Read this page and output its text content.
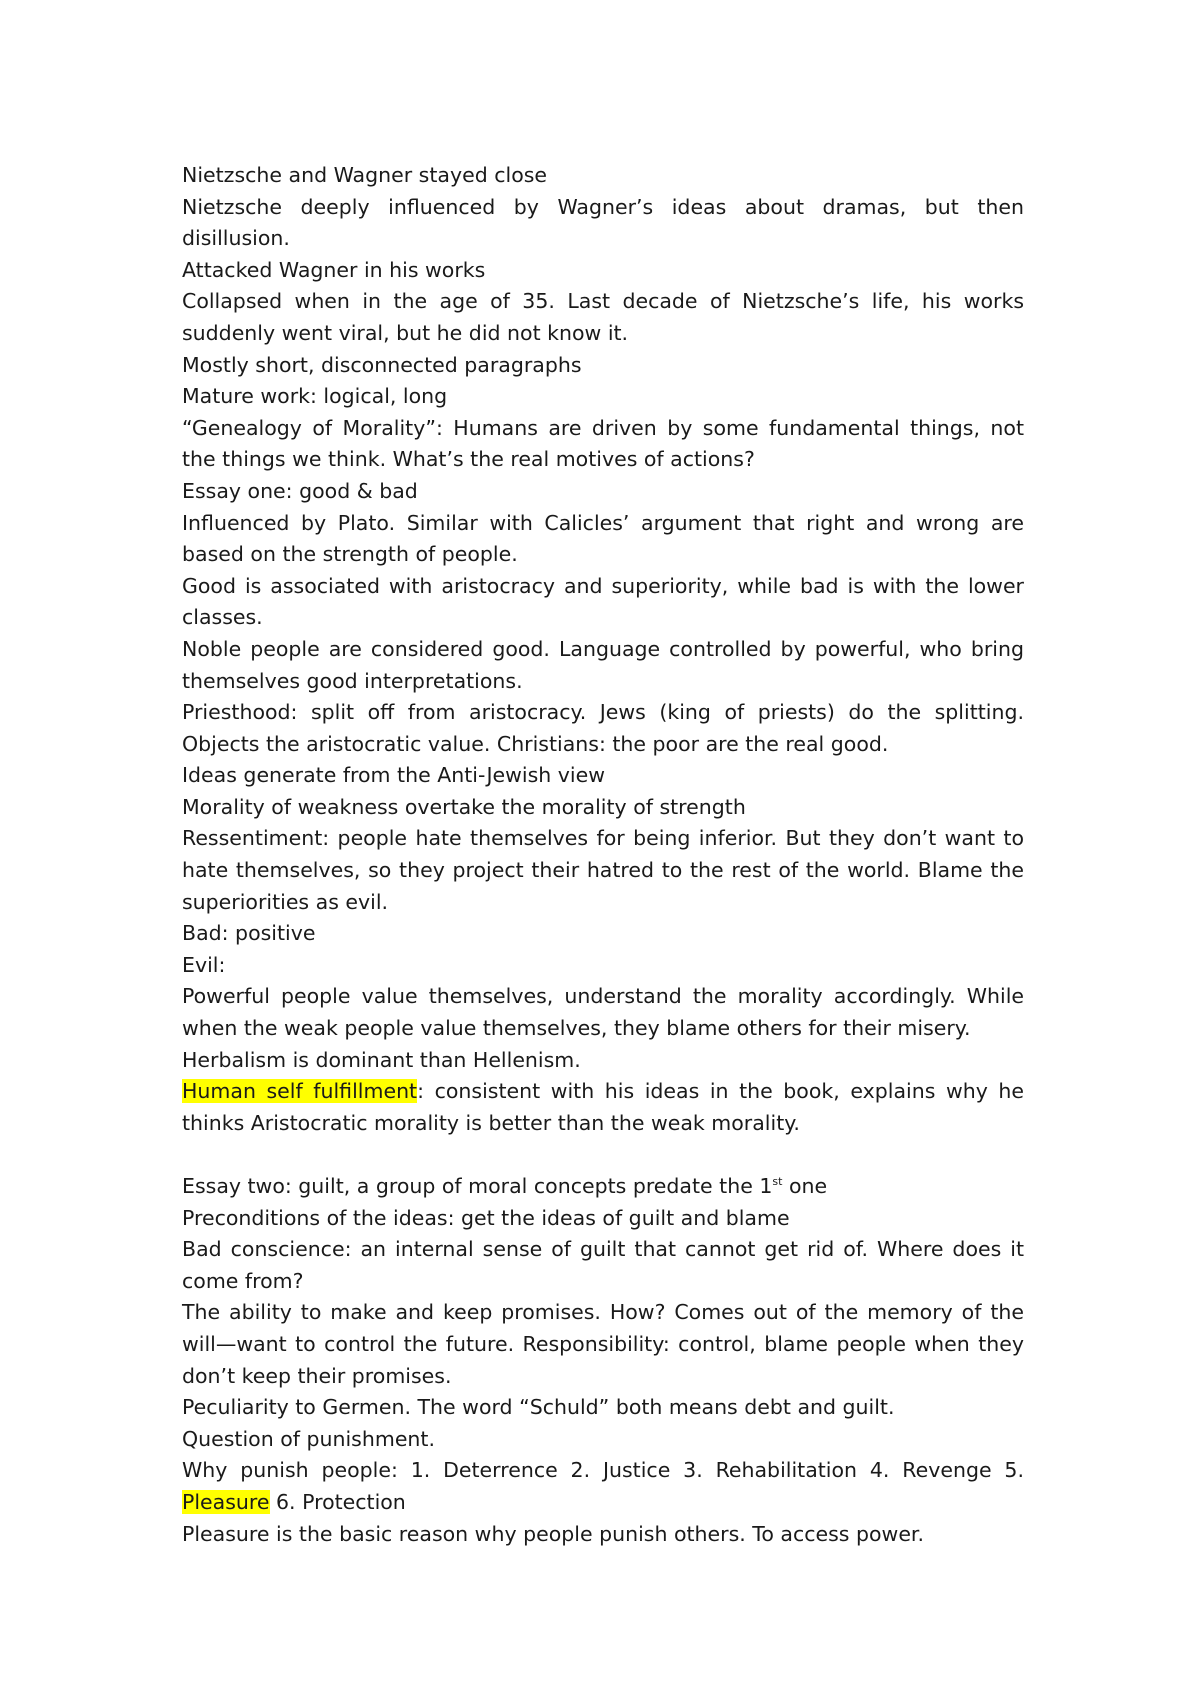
Nietzsche and Wagner stayed close

Nietzsche deeply influenced by Wagner’s ideas about dramas, but then disillusion.

Attacked Wagner in his works

Collapsed when in the age of 35. Last decade of Nietzsche’s life, his works suddenly went viral, but he did not know it.

Mostly short, disconnected paragraphs

Mature work: logical, long

“Genealogy of Morality”: Humans are driven by some fundamental things, not the things we think. What’s the real motives of actions?

Essay one: good & bad

Influenced by Plato. Similar with Calicles’ argument that right and wrong are based on the strength of people.

Good is associated with aristocracy and superiority, while bad is with the lower classes.

Noble people are considered good. Language controlled by powerful, who bring themselves good interpretations.

Priesthood: split off from aristocracy. Jews (king of priests) do the splitting. Objects the aristocratic value. Christians: the poor are the real good.

Ideas generate from the Anti-Jewish view

Morality of weakness overtake the morality of strength

Ressentiment: people hate themselves for being inferior. But they don’t want to hate themselves, so they project their hatred to the rest of the world. Blame the superiorities as evil.

Bad: positive

Evil:

Powerful people value themselves, understand the morality accordingly. While when the weak people value themselves, they blame others for their misery.

Herbalism is dominant than Hellenism.

Human self fulfillment: consistent with his ideas in the book, explains why he thinks Aristocratic morality is better than the weak morality.

Essay two: guilt, a group of moral concepts predate the 1st one

Preconditions of the ideas: get the ideas of guilt and blame

Bad conscience: an internal sense of guilt that cannot get rid of. Where does it come from?

The ability to make and keep promises. How? Comes out of the memory of the will—want to control the future. Responsibility: control, blame people when they don’t keep their promises.

Peculiarity to Germen. The word “Schuld” both means debt and guilt.

Question of punishment.

Why punish people: 1. Deterrence 2. Justice 3. Rehabilitation 4. Revenge 5. Pleasure 6. Protection

Pleasure is the basic reason why people punish others. To access power.
